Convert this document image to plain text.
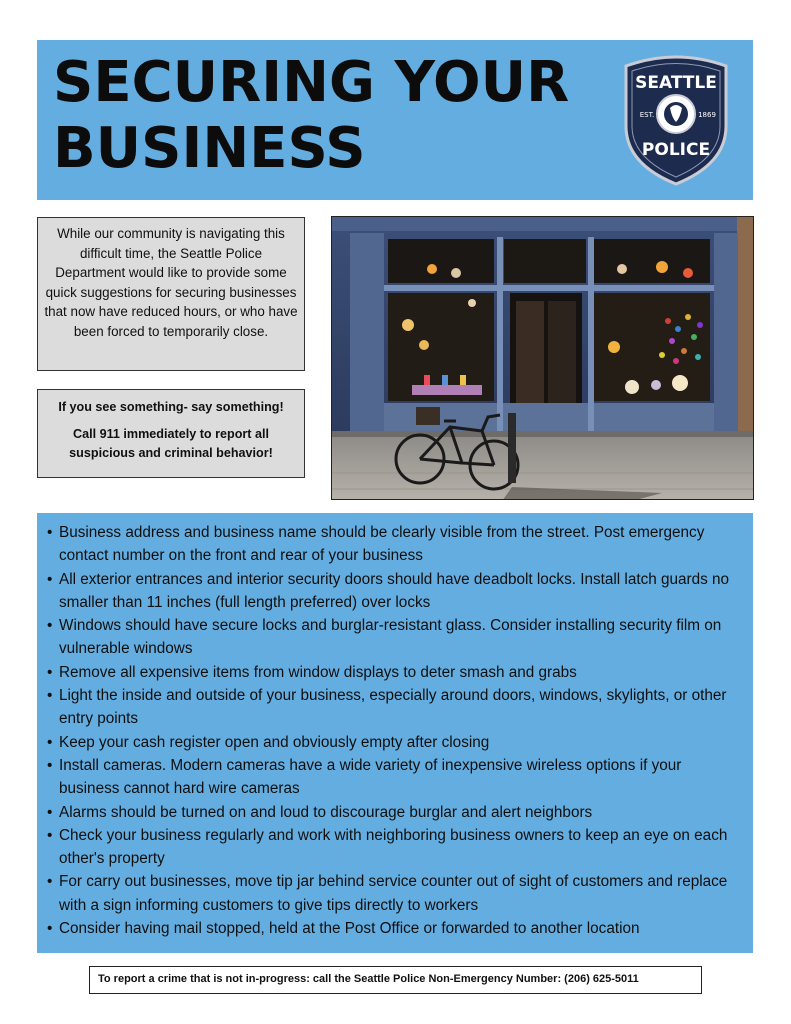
SECURING YOUR BUSINESS
SEATTLE
EST.	1869
POLICE

While our community is navigating this difficult time, the Seattle Police Department would like to provide some quick suggestions for securing businesses that now have reduced hours, or who have been forced to temporarily close.

If you see something- say something!

Call 911 immediately to report all suspicious and criminal behavior!

• Business address and business name should be clearly visible from the street. Post emergency contact number on the front and rear of your business
• All exterior entrances and interior security doors should have deadbolt locks. Install latch guards no smaller than 11 inches (full length preferred) over locks
• Windows should have secure locks and burglar-resistant glass. Consider installing security film on vulnerable windows
• Remove all expensive items from window displays to deter smash and grabs
• Light the inside and outside of your business, especially around doors, windows, skylights, or other entry points
• Keep your cash register open and obviously empty after closing
• Install cameras. Modern cameras have a wide variety of inexpensive wireless options if your business cannot hard wire cameras
• Alarms should be turned on and loud to discourage burglar and alert neighbors
• Check your business regularly and work with neighboring business owners to keep an eye on each other's property
• For carry out businesses, move tip jar behind service counter out of sight of customers and replace with a sign informing customers to give tips directly to workers
• Consider having mail stopped, held at the Post Office or forwarded to another location
To report a crime that is not in-progress: call the Seattle Police Non-Emergency Number: (206) 625-5011
